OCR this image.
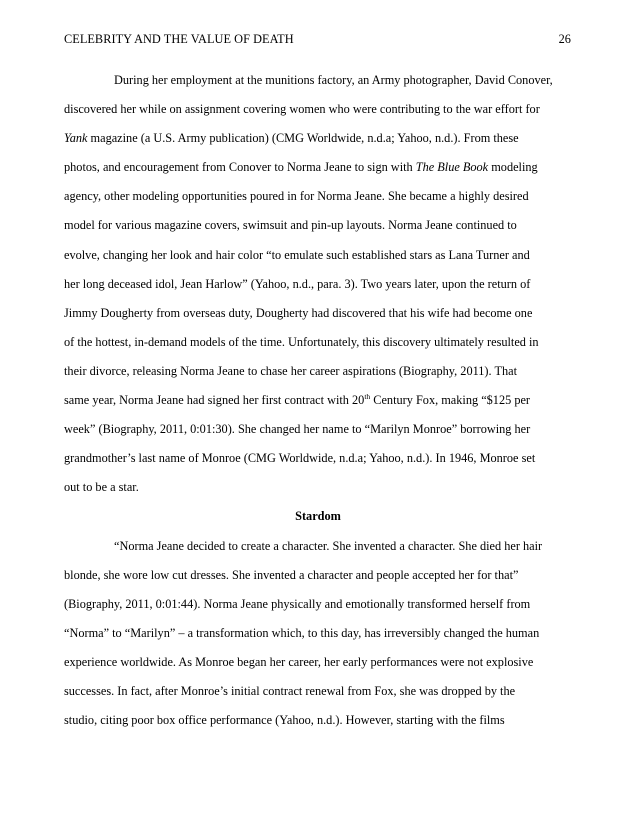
CELEBRITY AND THE VALUE OF DEATH	26
During her employment at the munitions factory, an Army photographer, David Conover,
discovered her while on assignment covering women who were contributing to the war effort for
Yank magazine (a U.S. Army publication) (CMG Worldwide, n.d.a; Yahoo, n.d.). From these
photos, and encouragement from Conover to Norma Jeane to sign with The Blue Book modeling
agency, other modeling opportunities poured in for Norma Jeane. She became a highly desired
model for various magazine covers, swimsuit and pin-up layouts. Norma Jeane continued to
evolve, changing her look and hair color “to emulate such established stars as Lana Turner and
her long deceased idol, Jean Harlow” (Yahoo, n.d., para. 3). Two years later, upon the return of
Jimmy Dougherty from overseas duty, Dougherty had discovered that his wife had become one
of the hottest, in-demand models of the time. Unfortunately, this discovery ultimately resulted in
their divorce, releasing Norma Jeane to chase her career aspirations (Biography, 2011). That
same year, Norma Jeane had signed her first contract with 20th Century Fox, making “$125 per
week” (Biography, 2011, 0:01:30). She changed her name to “Marilyn Monroe” borrowing her
grandmother’s last name of Monroe (CMG Worldwide, n.d.a; Yahoo, n.d.). In 1946, Monroe set
out to be a star.
Stardom
“Norma Jeane decided to create a character. She invented a character. She died her hair
blonde, she wore low cut dresses. She invented a character and people accepted her for that”
(Biography, 2011, 0:01:44). Norma Jeane physically and emotionally transformed herself from
“Norma” to “Marilyn” – a transformation which, to this day, has irreversibly changed the human
experience worldwide. As Monroe began her career, her early performances were not explosive
successes. In fact, after Monroe’s initial contract renewal from Fox, she was dropped by the
studio, citing poor box office performance (Yahoo, n.d.). However, starting with the films
